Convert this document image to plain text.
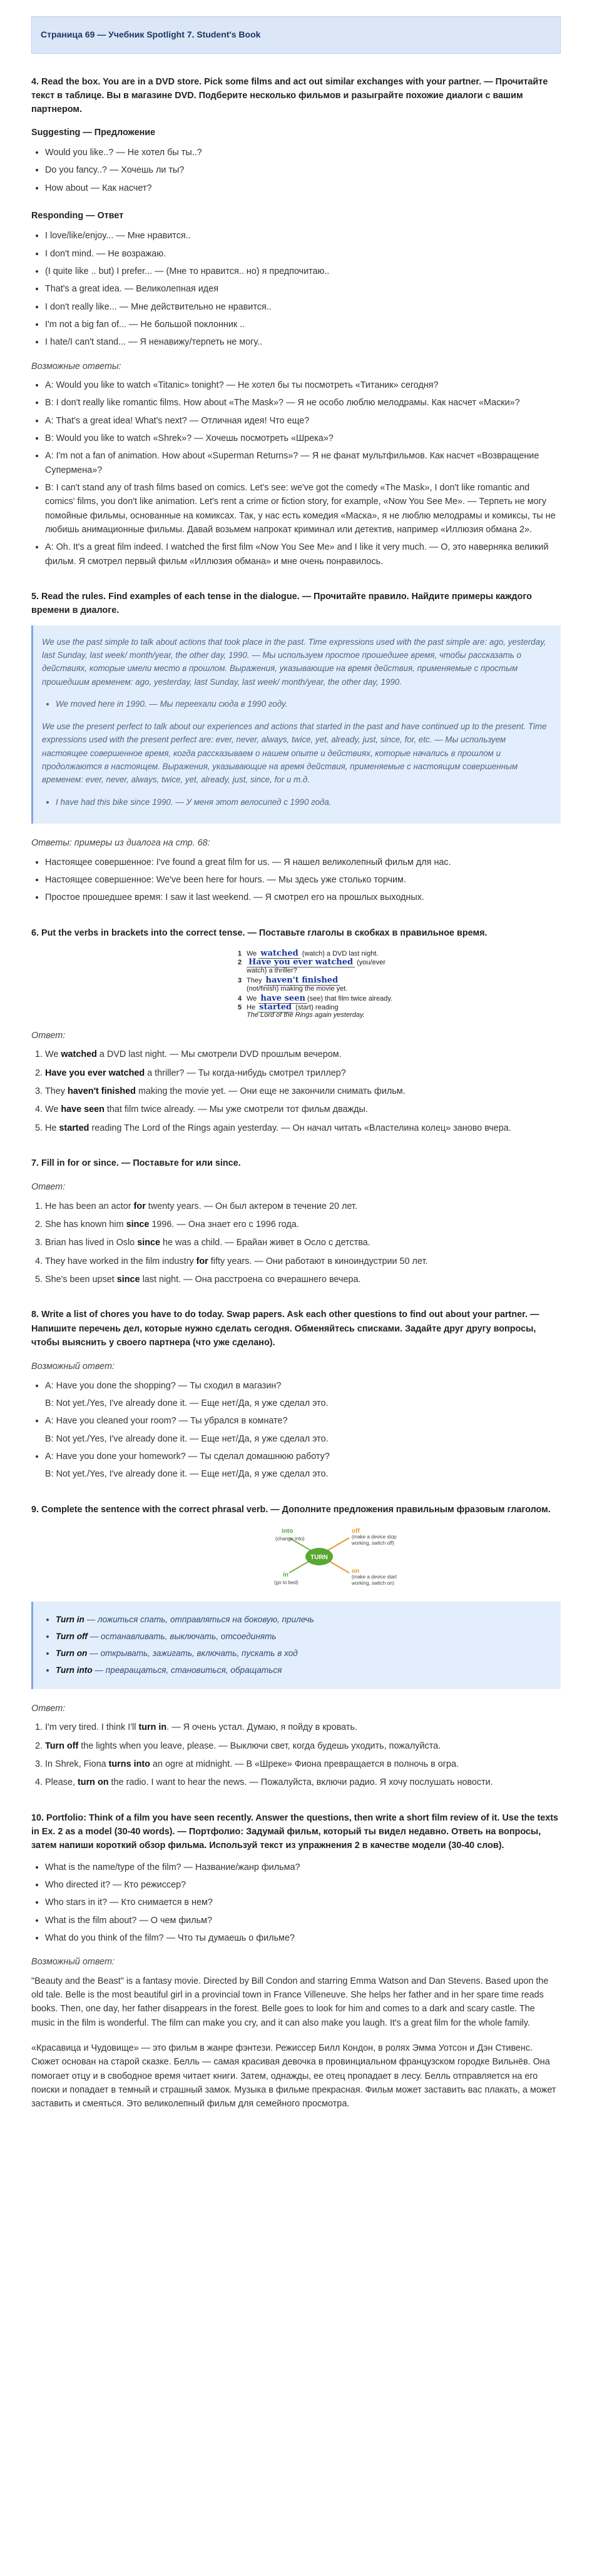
Страница 69 — Учебник Spotlight 7. Student's Book
4. Read the box. You are in a DVD store. Pick some films and act out similar exchanges with your partner. — Прочитайте текст в таблице. Вы в магазине DVD. Подберите несколько фильмов и разыграйте похожие диалоги с вашим партнером.
Suggesting — Предложение
• Would you like..? — Не хотел бы ты..?
• Do you fancy..? — Хочешь ли ты?
• How about — Как насчет?
Responding — Ответ
• I love/like/enjoy... — Мне нравится..
• I don't mind. — Не возражаю.
• (I quite like .. but) I prefer... — (Мне то нравится.. но) я предпочитаю..
• That's a great idea. — Великолепная идея
• I don't really like... — Мне действительно не нравится..
• I'm not a big fan of... — Не большой поклонник ..
• I hate/I can't stand... — Я ненавижу/терпеть не могу..
Возможные ответы:
• A: Would you like to watch «Titanic» tonight? — Не хотел бы ты посмотреть «Титаник» сегодня?
• B: I don't really like romantic films. How about «The Mask»? — Я не особо люблю мелодрамы. Как насчет «Маски»?
• A: That's a great idea! What's next? — Отличная идея! Что еще?
• B: Would you like to watch «Shrek»? — Хочешь посмотреть «Шрека»?
• A: I'm not a fan of animation. How about «Superman Returns»? — Я не фанат мультфильмов. Как насчет «Возвращение Супермена»?
• B: I can't stand any of trash films based on comics. Let's see: we've got the comedy «The Mask», I don't like romantic and comics' films, you don't like animation. Let's rent a crime or fiction story, for example, «Now You See Me». — Терпеть не могу помойные фильмы, основанные на комиксах. Так, у нас есть комедия «Маска», я не люблю мелодрамы и комиксы, ты не любишь анимационные фильмы. Давай возьмем напрокат криминал или детектив, например «Иллюзия обмана 2».
• A: Oh. It's a great film indeed. I watched the first film «Now You See Me» and I like it very much. — О, это наверняка великий фильм. Я смотрел первый фильм «Иллюзия обмана» и мне очень понравилось.
5. Read the rules. Find examples of each tense in the dialogue. — Прочитайте правило. Найдите примеры каждого времени в диалоге.

We use the past simple to talk about actions that took place in the past. Time expressions used with the past simple are: ago, yesterday, last Sunday, last week/ month/year, the other day, 1990. — Мы используем простое прошедшее время, чтобы рассказать о действиях, которые имели место в прошлом. Выражения, указывающие на время действия, применяемые с простым прошедшим временем: ago, yesterday, last Sunday, last week/ month/year, the other day, 1990.

• We moved here in 1990. — Мы переехали сюда в 1990 году.

We use the present perfect to talk about our experiences and actions that started in the past and have continued up to the present. Time expressions used with the present perfect are: ever, never, always, twice, yet, already, just, since, for, etc. — Мы используем настоящее совершенное время, когда рассказываем о нашем опыте и действиях, которые начались в прошлом и продолжаются в настоящем. Выражения, указывающие на время действия, применяемые с настоящим совершенным временем: ever, never, always, twice, yet, already, just, since, for и т.д.

• I have had this bike since 1990. — У меня этот велосипед с 1990 года.
Ответы: примеры из диалога на стр. 68:
• Настоящее совершенное: I've found a great film for us. — Я нашел великолепный фильм для нас.
• Настоящее совершенное: We've been here for hours. — Мы здесь уже столько торчим.
• Простое прошедшее время: I saw it last weekend. — Я смотрел его на прошлых выходных.
6. Put the verbs in brackets into the correct tense. — Поставьте глаголы в скобках в правильное время.
1 We watched (watch) a DVD last night.
2 Have you ever watched (you/ever
watch) a thriller?
3 They haven't finished
(not/finish) making the movie yet.
4 We have seen (see) that film twice already.
5 He started (start) reading
The Lord of the Rings again yesterday.
Ответ:
1. We watched a DVD last night. — Мы смотрели DVD прошлым вечером.
2. Have you ever watched a thriller? — Ты когда-нибудь смотрел триллер?
3. They haven't finished making the movie yet. — Они еще не закончили снимать фильм.
4. We have seen that film twice already. — Мы уже смотрели тот фильм дважды.
5. He started reading The Lord of the Rings again yesterday. — Он начал читать «Властелина колец» заново вчера.
7. Fill in for or since. — Поставьте for или since.
Ответ:
1. He has been an actor for twenty years. — Он был актером в течение 20 лет.
2. She has known him since 1996. — Она знает его с 1996 года.
3. Brian has lived in Oslo since he was a child. — Брайан живет в Осло с детства.
4. They have worked in the film industry for fifty years. — Они работают в киноиндустрии 50 лет.
5. She's been upset since last night. — Она расстроена со вчерашнего вечера.
8. Write a list of chores you have to do today. Swap papers. Ask each other questions to find out about your partner. — Напишите перечень дел, которые нужно сделать сегодня. Обменяйтесь списками. Задайте друг другу вопросы, чтобы выяснить у своего партнера (что уже сделано).
Возможный ответ:
• A: Have you done the shopping? — Ты сходил в магазин?
B: Not yet./Yes, I've already done it. — Еще нет/Да, я уже сделал это.
• A: Have you cleaned your room? — Ты убрался в комнате?
B: Not yet./Yes, I've already done it. — Еще нет/Да, я уже сделал это.
• A: Have you done your homework? — Ты сделал домашнюю работу?
B: Not yet./Yes, I've already done it. — Еще нет/Да, я уже сделал это.
9. Complete the sentence with the correct phrasal verb. — Дополните предложения правильным фразовым глаголом.
TURN
into
(change into)
in
(go to bed)
off
(make a device stop working, switch off)
on
(make a device start working, switch on)
• Turn in — ложиться спать, отправляться на боковую, прилечь
• Turn off — останавливать, выключать, отсоединять
• Turn on — открывать, зажигать, включать, пускать в ход
• Turn into — превращаться, становиться, обращаться
Ответ:
1. I'm very tired. I think I'll turn in. — Я очень устал. Думаю, я пойду в кровать.
2. Turn off the lights when you leave, please. — Выключи свет, когда будешь уходить, пожалуйста.
3. In Shrek, Fiona turns into an ogre at midnight. — В «Шреке» Фиона превращается в полночь в огра.
4. Please, turn on the radio. I want to hear the news. — Пожалуйста, включи радио. Я хочу послушать новости.
10. Portfolio: Think of a film you have seen recently. Answer the questions, then write a short film review of it. Use the texts in Ex. 2 as a model (30-40 words). — Портфолио: Задумай фильм, который ты видел недавно. Ответь на вопросы, затем напиши короткий обзор фильма. Используй текст из упражнения 2 в качестве модели (30-40 слов).
• What is the name/type of the film? — Название/жанр фильма?
• Who directed it? — Кто режиссер?
• Who stars in it? — Кто снимается в нем?
• What is the film about? — О чем фильм?
• What do you think of the film? — Что ты думаешь о фильме?
Возможный ответ:

"Beauty and the Beast" is a fantasy movie. Directed by Bill Condon and starring Emma Watson and Dan Stevens. Based upon the old tale. Belle is the most beautiful girl in a provincial town in France Villeneuve. She helps her father and in her spare time reads books. Then, one day, her father disappears in the forest. Belle goes to look for him and comes to a dark and scary castle. The music in the film is wonderful. The film can make you cry, and it can also make you laugh. It's a great film for the whole family.

«Красавица и Чудовище» — это фильм в жанре фэнтези. Режиссер Билл Кондон, в ролях Эмма Уотсон и Дэн Стивенс. Сюжет основан на старой сказке. Белль — самая красивая девочка в провинциальном французском городке Вильнёв. Она помогает отцу и в свободное время читает книги. Затем, однажды, ее отец пропадает в лесу. Белль отправляется на его поиски и попадает в темный и страшный замок. Музыка в фильме прекрасная. Фильм может заставить вас плакать, а может заставить и смеяться. Это великолепный фильм для семейного просмотра.
